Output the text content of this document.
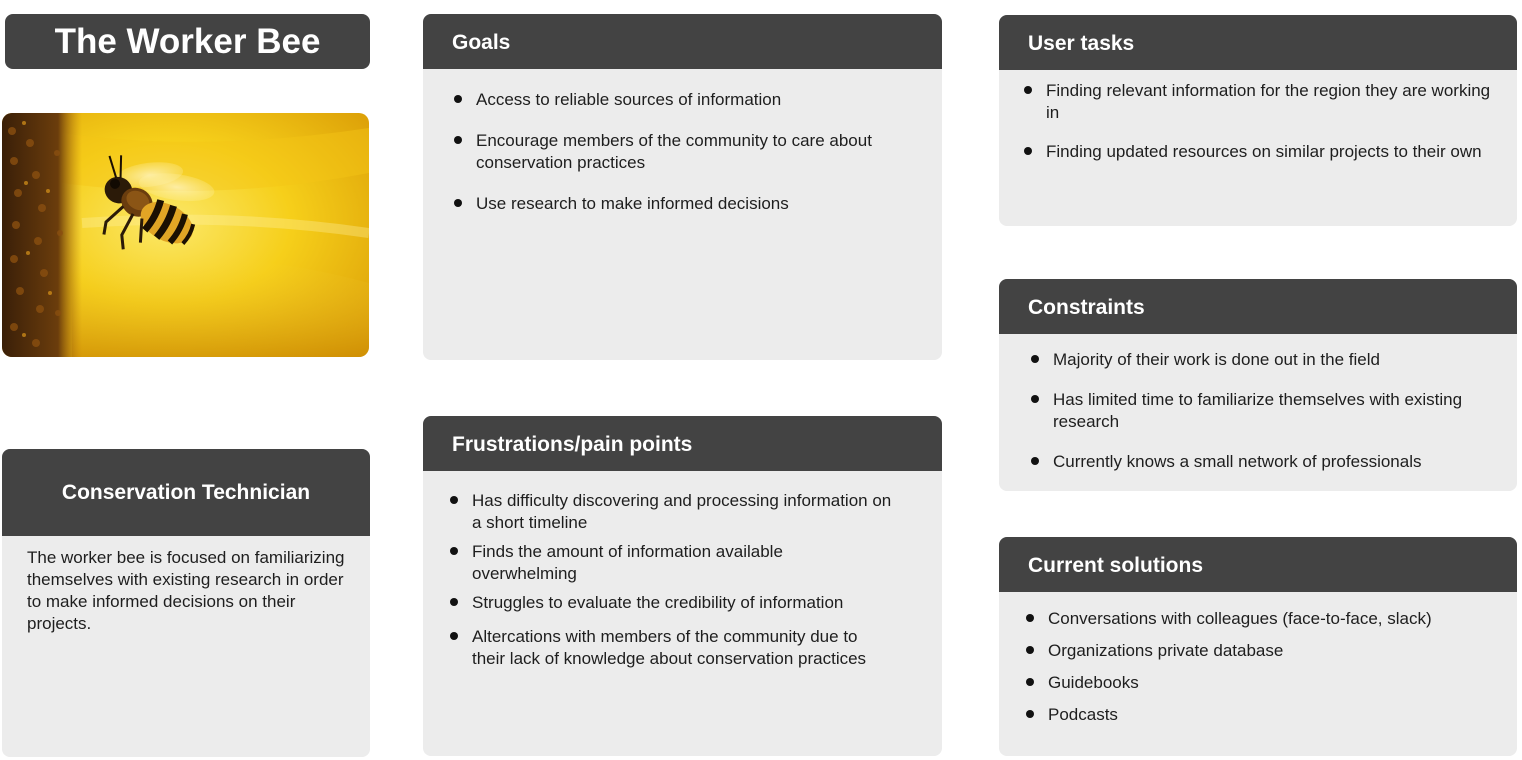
The Worker Bee
Conservation Technician
The worker bee is focused on familiarizing themselves with existing research in order to make informed decisions on their projects.
Goals
Access to reliable sources of information
Encourage members of the community to care about conservation practices
Use research to make informed decisions
Frustrations/pain points
Has difficulty discovering and processing information on a short timeline
Finds the amount of information available overwhelming
Struggles to evaluate the credibility of information
Altercations with members of the community due to their lack of knowledge about conservation practices
User tasks
Finding relevant information for the region they are working in
Finding updated resources on similar projects to their own
Constraints
Majority of their work is done out in the field
Has limited time to familiarize themselves with existing research
Currently knows a small network of professionals
Current solutions
Conversations with colleagues (face-to-face, slack)
Organizations private database
Guidebooks
Podcasts
